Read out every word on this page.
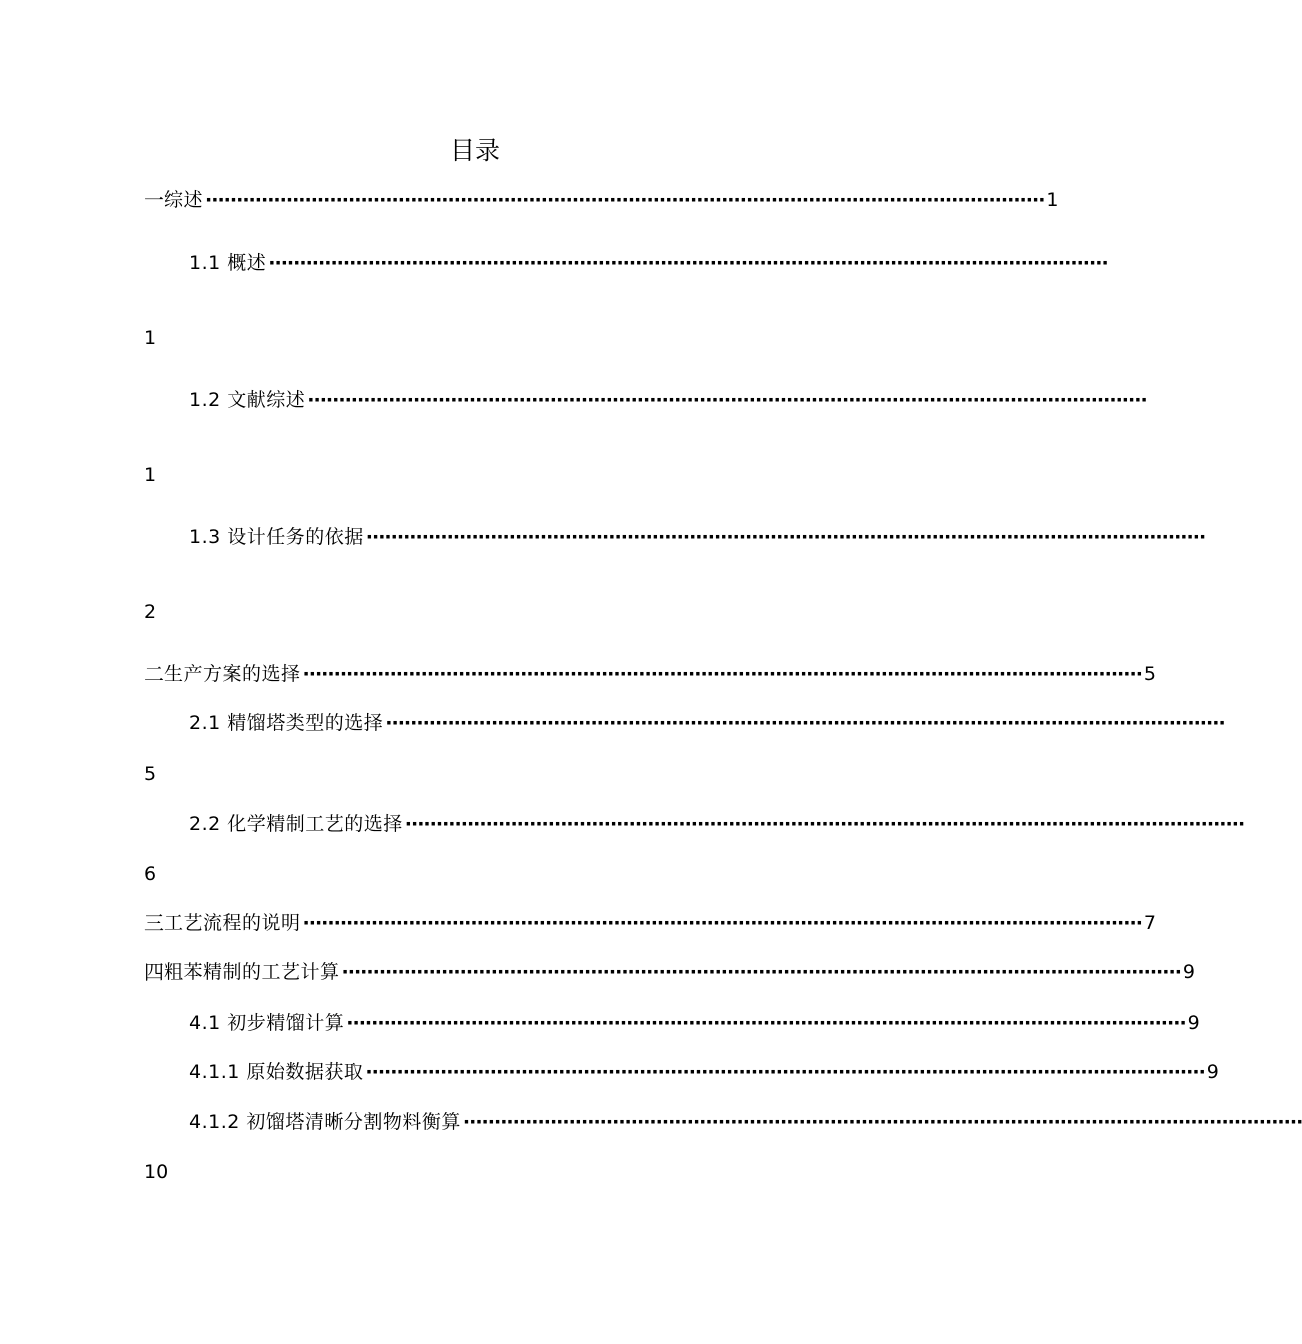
目录
一 综述 ······································································································································· 1
1.1 概述 ·······································································································································
1
1.2 文献综述 ·······································································································································
1
1.3 设计任务的依据 ·······································································································································
2
二 生产方案的选择 ······································································································································· 5
2.1 精馏塔类型的选择 ·······································································································································
5
2.2 化学精制工艺的选择 ·······································································································································
6
三 工艺流程的说明 ······································································································································· 7
四 粗苯精制的工艺计算 ······································································································································· 9
4.1 初步精馏计算 ······································································································································· 9
4.1.1 原始数据获取 ······································································································································· 9
4.1.2 初馏塔清晰分割物料衡算 ·······································································································································
10
